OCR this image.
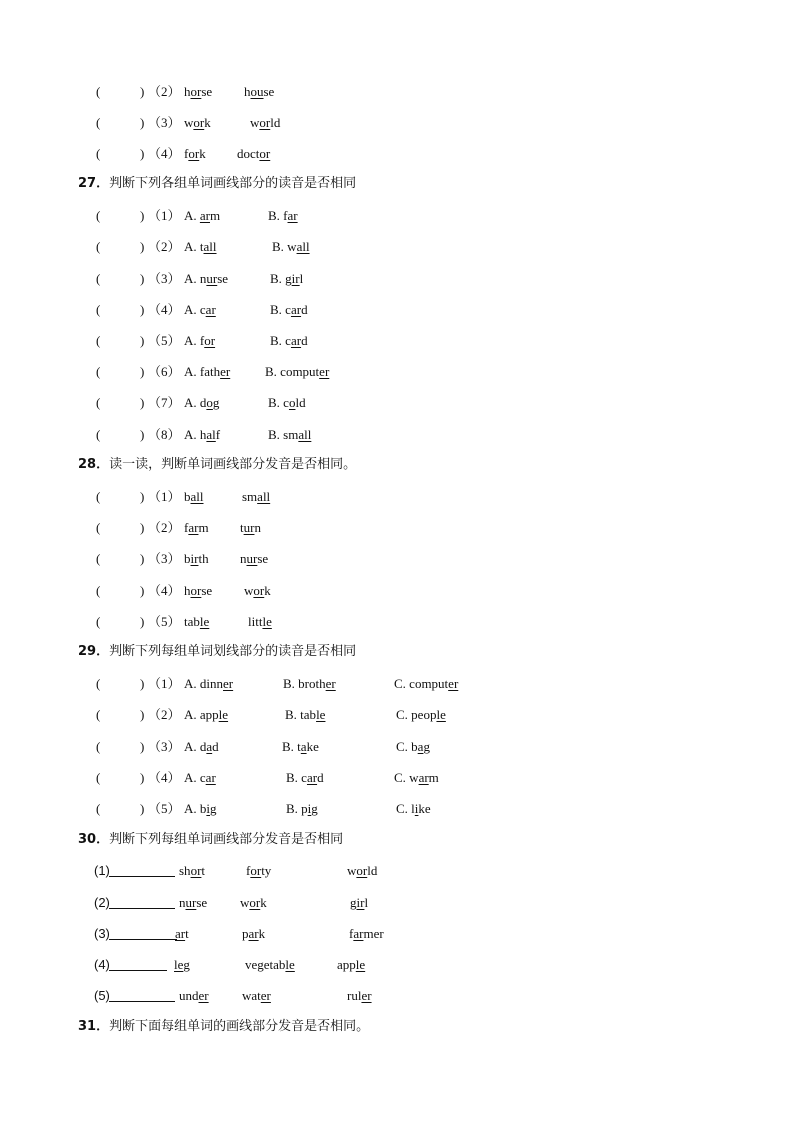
(	) （2） horse house
(	) （3） work	world
(	) （4） fork doctor
27．判断下列各组单词画线部分的读音是否相同
(	) （1） A. arm	B. far
(	) （2） A. tall	B. wall
(	) （3） A. nurse	B. girl
(	) （4） A. car	B. card
(	) （5） A. for	B. card
(	) （6） A. father	B. computer
(	) （7） A. dog	B. cold
(	) （8） A. half	B. small
28．读一读，判断单词画线部分发音是否相同。
(	) （1） ball	small
(	) （2） farm turn
(	) （3） birth nurse
(	) （4） horse work
(	) （5） table	little
29．判断下列每组单词划线部分的读音是否相同
(	) （1） A. dinner	B. brother	C. computer
(	) （2） A. apple	B. table	C. people
(	) （3） A. dad	B. take	C. bag
(	) （4） A. car	B. card	C. warm
(	) （5） A. big	B. pig	C. like
30．判断下列每组单词画线部分发音是否相同
(1)	short	forty	world
(2)	nurse	work	girl
(3)	art	park	farmer
(4)	leg	vegetable	apple
(5)	under	water	ruler
31．判断下面每组单词的画线部分发音是否相同。
